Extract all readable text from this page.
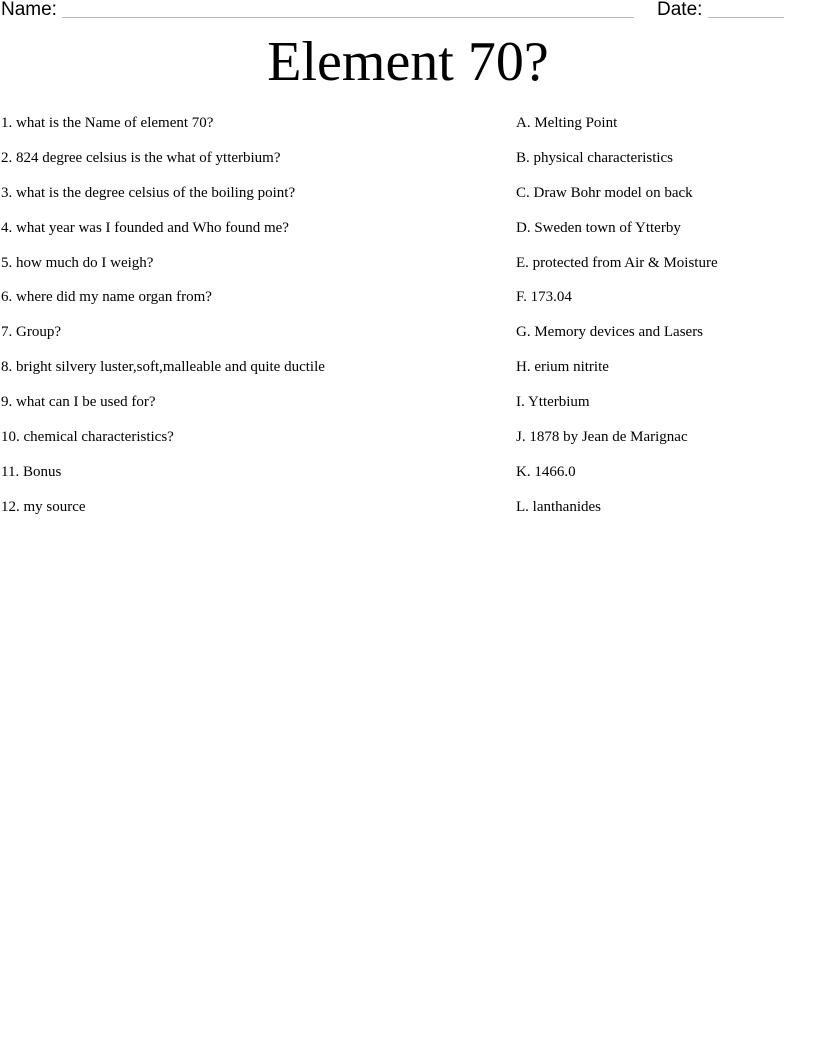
Name:	Date:
Element 70?
1. what is the Name of element 70?
2. 824 degree celsius is the what of ytterbium?
3. what is the degree celsius of the boiling point?
4. what year was I founded and Who found me?
5. how much do I weigh?
6. where did my name organ from?
7. Group?
8. bright silvery luster,soft,malleable and quite ductile
9. what can I be used for?
10. chemical characteristics?
11. Bonus
12. my source
A. Melting Point
B. physical characteristics
C. Draw Bohr model on back
D. Sweden town of Ytterby
E. protected from Air & Moisture
F. 173.04
G. Memory devices and Lasers
H. erium nitrite
I. Ytterbium
J. 1878 by Jean de Marignac
K. 1466.0
L. lanthanides
